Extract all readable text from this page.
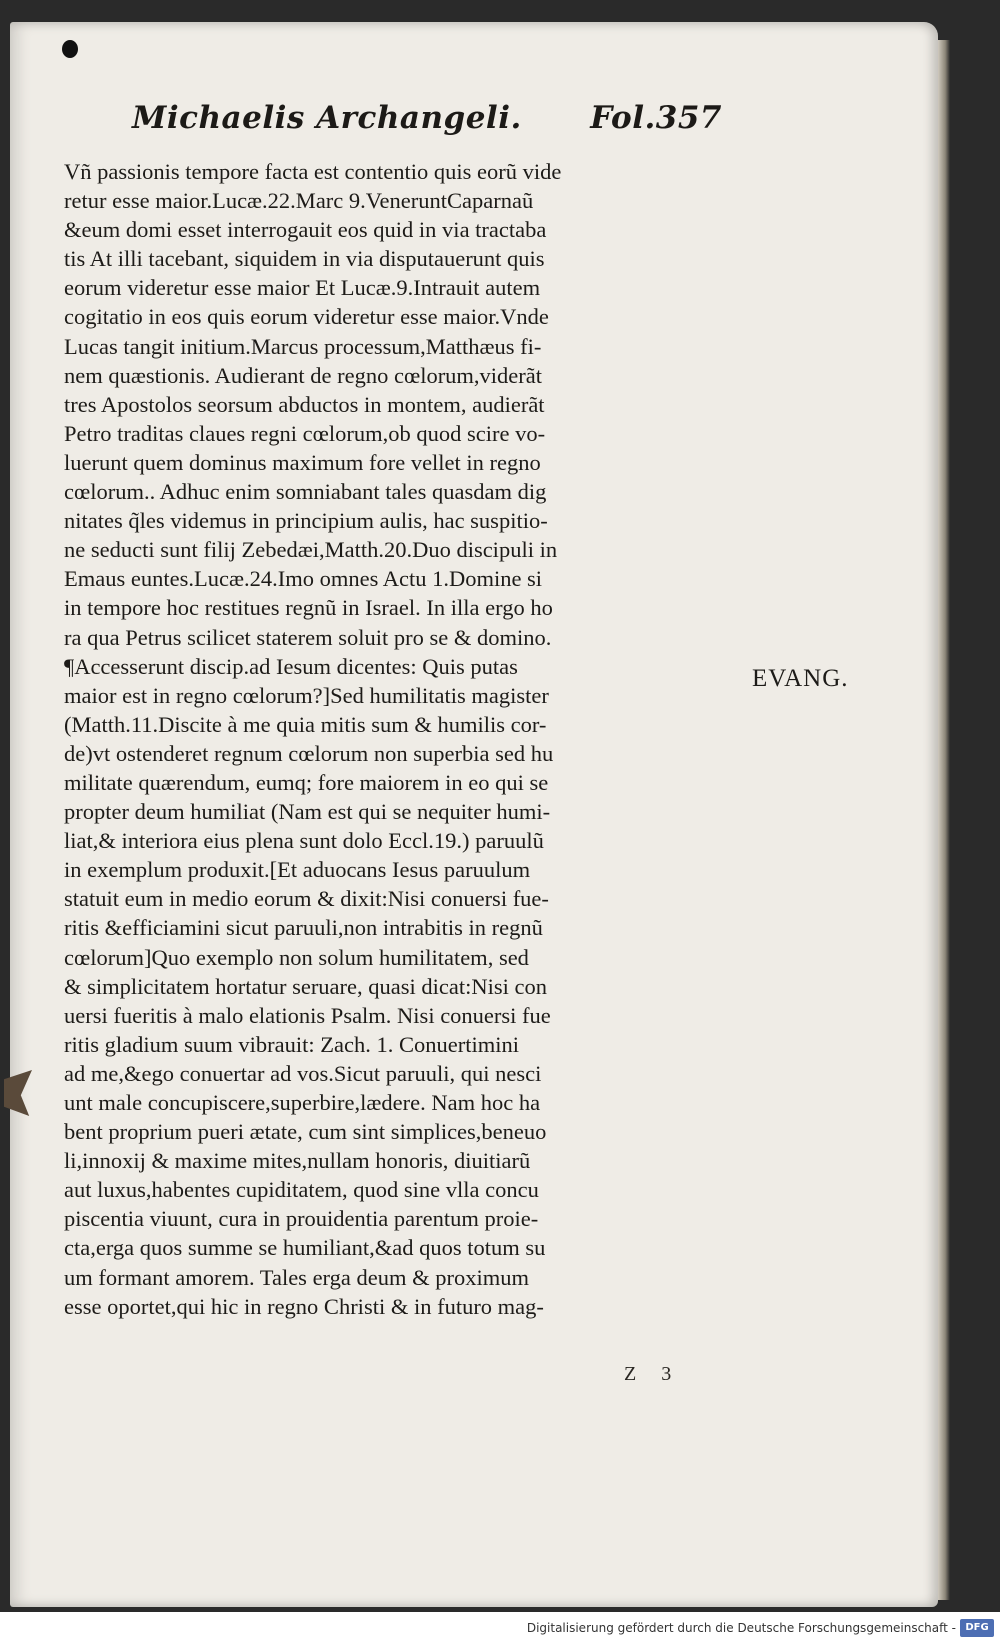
Michaelis Archangeli. Fol.357
Vñ passionis tempore facta est contentio quis eorũ vide
retur esse maior.Lucæ.22.Marc 9.VeneruntCaparnaũ
&eum domi esset interrogauit eos quid in via tractaba
tis At illi tacebant, siquidem in via disputauerunt quis
eorum videretur esse maior Et Lucæ.9.Intrauit autem
cogitatio in eos quis eorum videretur esse maior.Vnde
Lucas tangit initium.Marcus processum,Matthæus fi-
nem quæstionis. Audierant de regno cœlorum,viderãt
tres Apostolos seorsum abductos in montem, audierãt
Petro traditas claues regni cœlorum,ob quod scire vo-
luerunt quem dominus maximum fore vellet in regno
cœlorum.. Adhuc enim somniabant tales quasdam dig
nitates q̃les videmus in principium aulis, hac suspitio-
ne seducti sunt filij Zebedæi,Matth.20.Duo discipuli in
Emaus euntes.Lucæ.24.Imo omnes Actu 1.Domine si
in tempore hoc restitues regnũ in Israel. In illa ergo ho
ra qua Petrus scilicet staterem soluit pro se & domino.
¶Accesserunt discip.ad Iesum dicentes: Quis putas
maior est in regno cœlorum?]Sed humilitatis magister
(Matth.11.Discite à me quia mitis sum & humilis cor-
de)vt ostenderet regnum cœlorum non superbia sed hu
militate quærendum, eumq; fore maiorem in eo qui se
propter deum humiliat (Nam est qui se nequiter humi-
liat,& interiora eius plena sunt dolo Eccl.19.) paruulũ
in exemplum produxit.[Et aduocans Iesus paruulum
statuit eum in medio eorum & dixit:Nisi conuersi fue-
ritis &efficiamini sicut paruuli,non intrabitis in regnũ
cœlorum]Quo exemplo non solum humilitatem, sed
& simplicitatem hortatur seruare, quasi dicat:Nisi con
uersi fueritis à malo elationis Psalm. Nisi conuersi fue
ritis gladium suum vibrauit: Zach. 1. Conuertimini
ad me,&ego conuertar ad vos.Sicut paruuli, qui nesci
unt male concupiscere,superbire,lædere. Nam hoc ha
bent proprium pueri ætate, cum sint simplices,beneuo
li,innoxij & maxime mites,nullam honoris, diuitiarũ
aut luxus,habentes cupiditatem, quod sine vlla concu
piscentia viuunt, cura in prouidentia parentum proie-
cta,erga quos summe se humiliant,&ad quos totum su
um formant amorem. Tales erga deum & proximum
esse oportet,qui hic in regno Christi & in futuro mag-
EVANG.
Z 3
Digitalisierung gefördert durch die Deutsche Forschungsgemeinschaft - DFG
